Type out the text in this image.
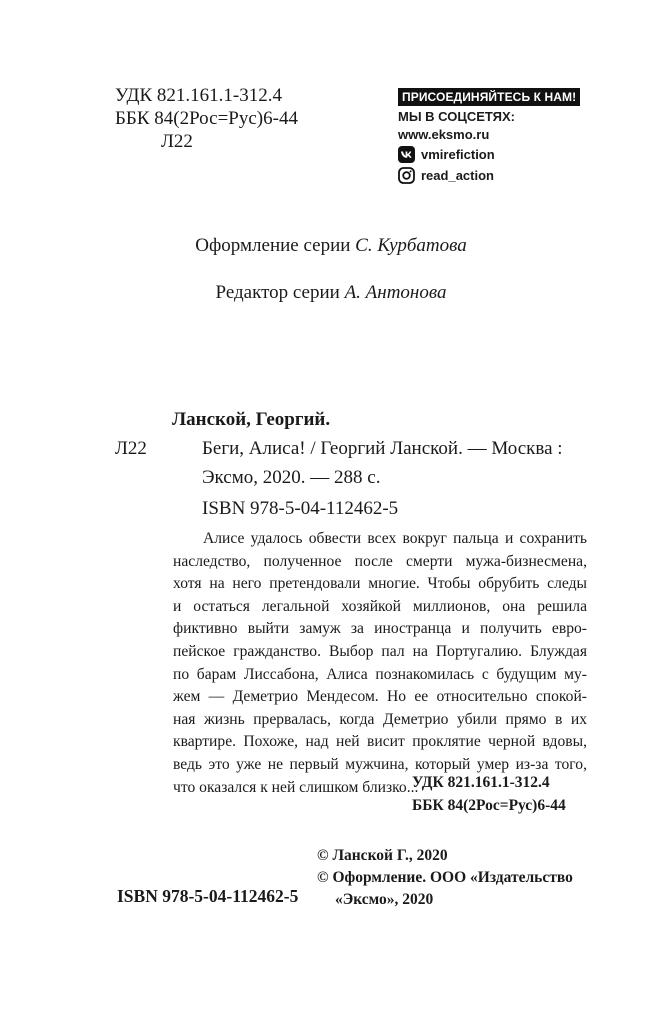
УДК 821.161.1-312.4
ББК 84(2Рос=Рус)6-44
Л22
ПРИСОЕДИНЯЙТЕСЬ К НАМ!
МЫ В СОЦСЕТЯХ:
www.eksmo.ru
vmirefiction
read_action
Оформление серии С. Курбатова
Редактор серии А. Антонова
Ланской, Георгий.
Л22	Беги, Алиса! / Георгий Ланской. — Москва :
Эксмо, 2020. — 288 с.
ISBN 978-5-04-112462-5
Алисе удалось обвести всех вокруг пальца и сохранить
наследство, полученное после смерти мужа-бизнесмена,
хотя на него претендовали многие. Чтобы обрубить следы
и остаться легальной хозяйкой миллионов, она решила
фиктивно выйти замуж за иностранца и получить евро-
пейское гражданство. Выбор пал на Португалию. Блуждая
по барам Лиссабона, Алиса познакомилась с будущим му-
жем — Деметрио Мендесом. Но ее относительно спокой-
ная жизнь прервалась, когда Деметрио убили прямо в их
квартире. Похоже, над ней висит проклятие черной вдовы,
ведь это уже не первый мужчина, который умер из-за того,
что оказался к ней слишком близко...
УДК 821.161.1-312.4
ББК 84(2Рос=Рус)6-44
© Ланской Г., 2020
© Оформление. ООО «Издательство
«Эксмо», 2020
ISBN 978-5-04-112462-5
